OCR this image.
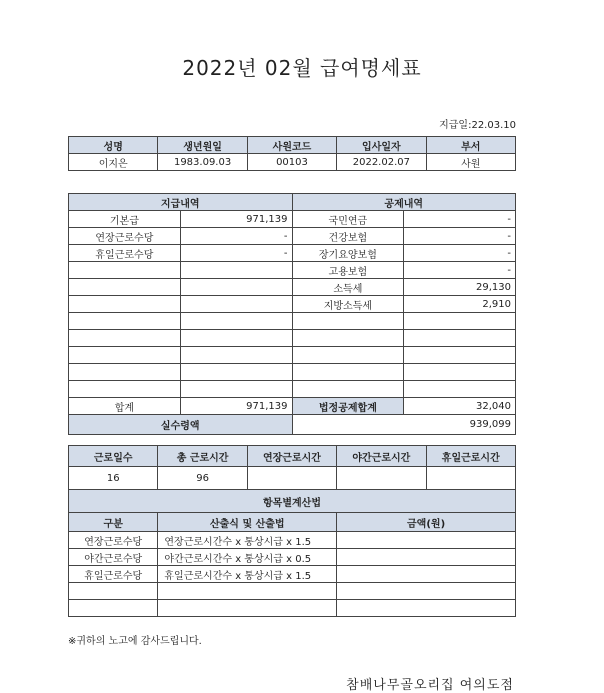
2022년 02월 급여명세표
지급일:22.03.10
성명	생년원일	사원코드	입사일자	부서
이지은	1983.09.03	00103	2022.02.07	사원
지급내역		공제내역	
기본급	971,139	국민연금	-
연장근로수당	-	건강보험	-
휴일근로수당	-	장기요양보험	-
		고용보험	-
		소득세	29,130
		지방소득세	2,910

합계	971,139	법정공제합계	32,040
실수령액		939,099	
근로일수	총 근로시간	연장근로시간	야간근로시간	휴일근로시간
16	96			
항목별계산법				
구분	산출식 및 산출법		금액(원)	
연장근로수당	연장근로시간수 x 통상시급 x 1.5			
야간근로수당	야간근로시간수 x 통상시급 x 0.5			
휴일근로수당	휴일근로시간수 x 통상시급 x 1.5			

※귀하의 노고에 감사드립니다.
참배나무골오리집 여의도점
